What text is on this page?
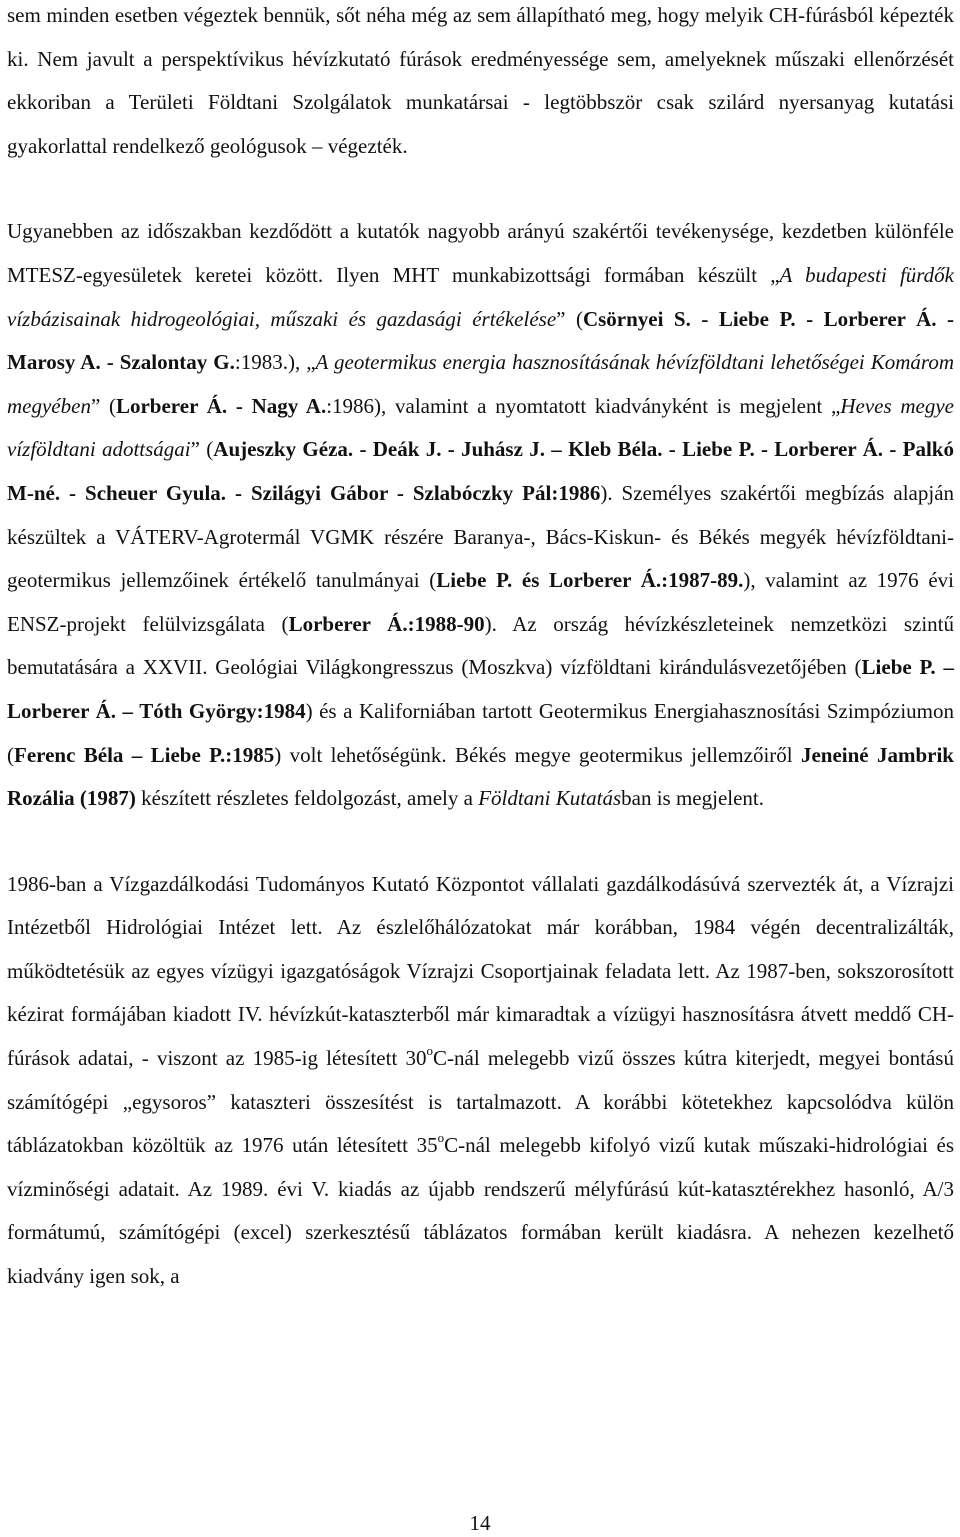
sem minden esetben végeztek bennük, sőt néha még az sem állapítható meg, hogy melyik CH-fúrásból képezték ki. Nem javult a perspektívikus hévízkutató fúrások eredményessége sem, amelyeknek műszaki ellenőrzését ekkoriban a Területi Földtani Szolgálatok munkatársai - legtöbbször csak szilárd nyersanyag kutatási gyakorlattal rendelkező geológusok – végezték.

Ugyanebben az időszakban kezdődött a kutatók nagyobb arányú szakértői tevékenysége, kezdetben különféle MTESZ-egyesületek keretei között. Ilyen MHT munkabizottsági formában készült „A budapesti fürdők vízbázisainak hidrogeológiai, műszaki és gazdasági értékelése” (Csörnyei S. - Liebe P. - Lorberer Á. - Marosy A. - Szalontay G.:1983.), „A geotermikus energia hasznosításának hévízföldtani lehetőségei Komárom megyében” (Lorberer Á. - Nagy A.:1986), valamint a nyomtatott kiadványként is megjelent „Heves megye vízföldtani adottságai” (Aujeszky Géza. - Deák J. - Juhász J. – Kleb Béla. - Liebe P. - Lorberer Á. - Palkó M-né. - Scheuer Gyula. - Szilágyi Gábor - Szlabóczky Pál:1986). Személyes szakértői megbízás alapján készültek a VÁTERV-Agrotermál VGMK részére Baranya-, Bács-Kiskun- és Békés megyék hévízföldtani-geotermikus jellemzőinek értékelő tanulmányai (Liebe P. és Lorberer Á.:1987-89.), valamint az 1976 évi ENSZ-projekt felülvizsgálata (Lorberer Á.:1988-90). Az ország hévízkészleteinek nemzetközi szintű bemutatására a XXVII. Geológiai Világkongresszus (Moszkva) vízföldtani kirándulásvezetőjében (Liebe P. – Lorberer Á. – Tóth György:1984) és a Kaliforniában tartott Geotermikus Energiahasznosítási Szimpóziumon (Ferenc Béla – Liebe P.:1985) volt lehetőségünk. Békés megye geotermikus jellemzőiről Jeneiné Jambrik Rozália (1987) készített részletes feldolgozást, amely a Földtani Kutatásban is megjelent.

1986-ban a Vízgazdálkodási Tudományos Kutató Központot vállalati gazdálkodásúvá szervezték át, a Vízrajzi Intézetből Hidrológiai Intézet lett. Az észlelőhálózatokat már korábban, 1984 végén decentralizálták, működtetésük az egyes vízügyi igazgatóságok Vízrajzi Csoportjainak feladata lett. Az 1987-ben, sokszorosított kézirat formájában kiadott IV. hévízkút-kataszterből már kimaradtak a vízügyi hasznosításra átvett meddő CH-fúrások adatai, - viszont az 1985-ig létesített 30$^o$C-nál melegebb vizű összes kútra kiterjedt, megyei bontású számítógépi „egysoros” kataszteri összesítést is tartalmazott. A korábbi kötetekhez kapcsolódva külön táblázatokban közöltük az 1976 után létesített 35$^o$C-nál melegebb kifolyó vizű kutak műszaki-hidrológiai és vízminőségi adatait. Az 1989. évi V. kiadás az újabb rendszerű mélyfúrású kút-katasztérekhez hasonló, A/3 formátumú, számítógépi (excel) szerkesztésű táblázatos formában került kiadásra. A nehezen kezelhető kiadvány igen sok, a

14
